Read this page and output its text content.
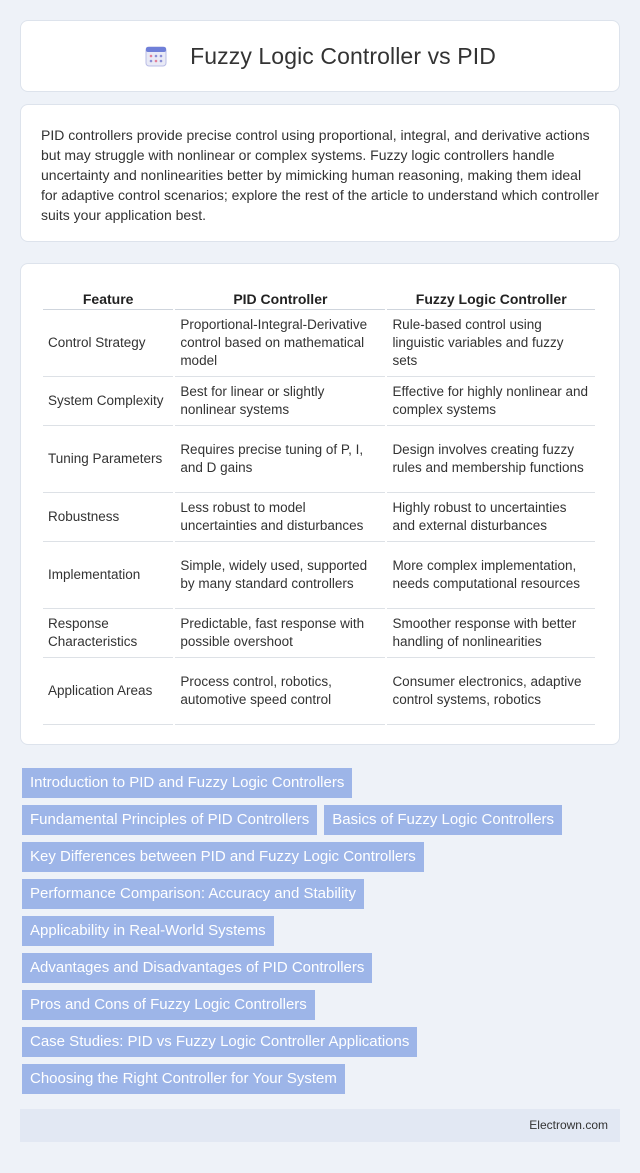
Fuzzy Logic Controller vs PID

PID controllers provide precise control using proportional, integral, and derivative actions but may struggle with nonlinear or complex systems. Fuzzy logic controllers handle uncertainty and nonlinearities better by mimicking human reasoning, making them ideal for adaptive control scenarios; explore the rest of the article to understand which controller suits your application best.

Feature	PID Controller	Fuzzy Logic Controller
Control Strategy	Proportional-Integral-Derivative control based on mathematical model	Rule-based control using linguistic variables and fuzzy sets
System Complexity	Best for linear or slightly nonlinear systems	Effective for highly nonlinear and complex systems
Tuning Parameters	Requires precise tuning of P, I, and D gains	Design involves creating fuzzy rules and membership functions
Robustness	Less robust to model uncertainties and disturbances	Highly robust to uncertainties and external disturbances
Implementation	Simple, widely used, supported by many standard controllers	More complex implementation, needs computational resources
Response Characteristics	Predictable, fast response with possible overshoot	Smoother response with better handling of nonlinearities
Application Areas	Process control, robotics, automotive speed control	Consumer electronics, adaptive control systems, robotics
Introduction to PID and Fuzzy Logic Controllers
Fundamental Principles of PID Controllers	Basics of Fuzzy Logic Controllers
Key Differences between PID and Fuzzy Logic Controllers
Performance Comparison: Accuracy and Stability
Applicability in Real-World Systems
Advantages and Disadvantages of PID Controllers
Pros and Cons of Fuzzy Logic Controllers
Case Studies: PID vs Fuzzy Logic Controller Applications
Choosing the Right Controller for Your System
Electrown.com
